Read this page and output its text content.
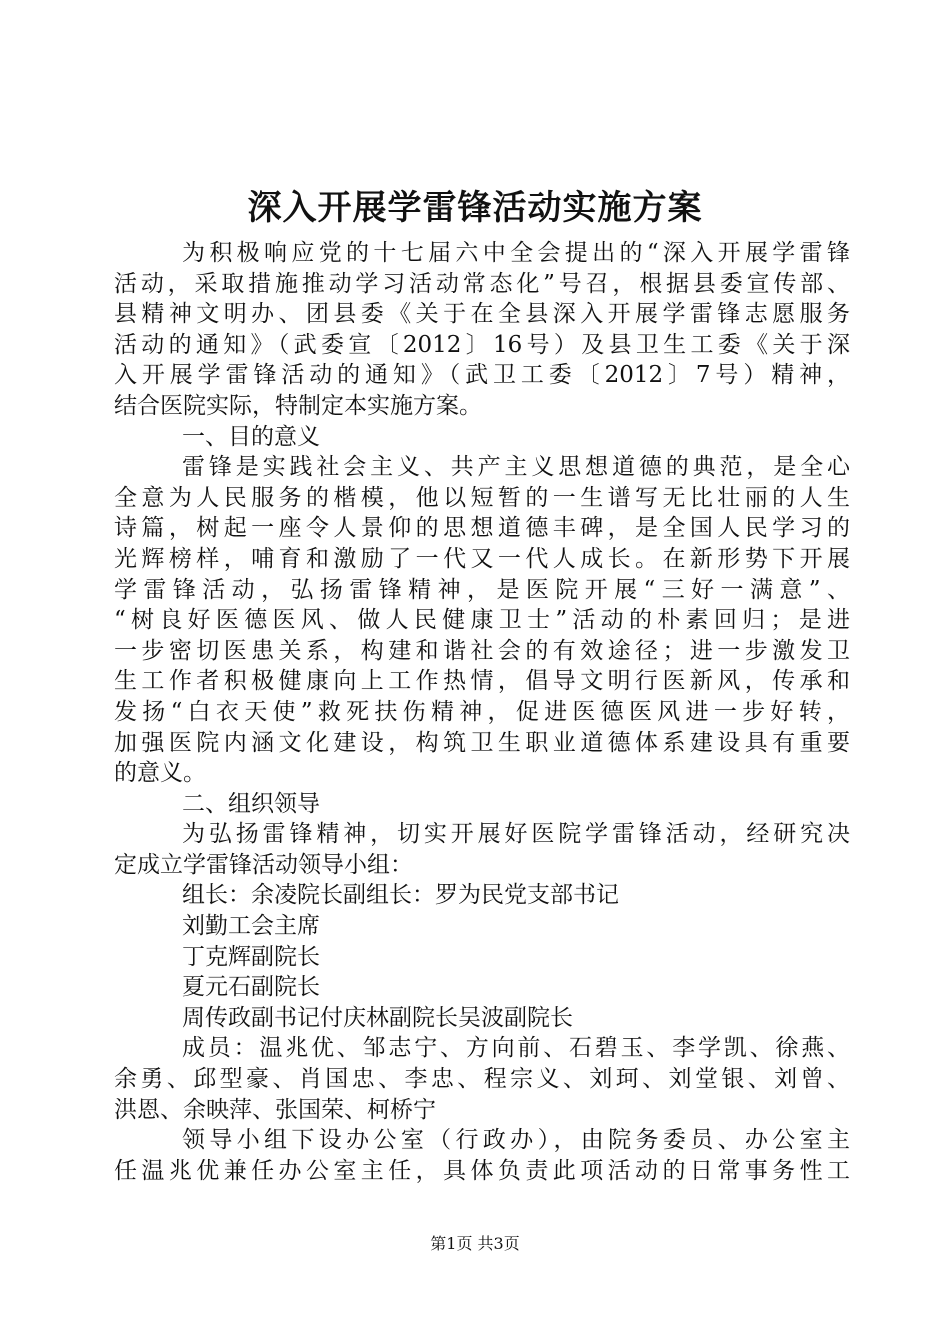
深入开展学雷锋活动实施方案
为积极响应党的十七届六中全会提出的“深入开展学雷锋
活动，采取措施推动学习活动常态化”号召，根据县委宣传部、
县精神文明办、团县委《关于在全县深入开展学雷锋志愿服务
活动的通知》（武委宣〔2012〕16号）及县卫生工委《关于深
入开展学雷锋活动的通知》（武卫工委〔2012〕7号）精神，
结合医院实际，特制定本实施方案。
一、目的意义
雷锋是实践社会主义、共产主义思想道德的典范，是全心
全意为人民服务的楷模，他以短暂的一生谱写无比壮丽的人生
诗篇，树起一座令人景仰的思想道德丰碑，是全国人民学习的
光辉榜样，哺育和激励了一代又一代人成长。在新形势下开展
学雷锋活动，弘扬雷锋精神，是医院开展“三好一满意”、
“树良好医德医风、做人民健康卫士”活动的朴素回归；是进
一步密切医患关系，构建和谐社会的有效途径；进一步激发卫
生工作者积极健康向上工作热情，倡导文明行医新风，传承和
发扬“白衣天使”救死扶伤精神，促进医德医风进一步好转，
加强医院内涵文化建设，构筑卫生职业道德体系建设具有重要
的意义。
二、组织领导
为弘扬雷锋精神，切实开展好医院学雷锋活动，经研究决
定成立学雷锋活动领导小组：
组长：余凌院长副组长：罗为民党支部书记
刘勤工会主席
丁克辉副院长
夏元石副院长
周传政副书记付庆林副院长吴波副院长
成员：温兆优、邹志宁、方向前、石碧玉、李学凯、徐燕、
余勇、邱型豪、肖国忠、李忠、程宗义、刘珂、刘堂银、刘曾、
洪恩、余映萍、张国荣、柯桥宁
领导小组下设办公室（行政办），由院务委员、办公室主
任温兆优兼任办公室主任，具体负责此项活动的日常事务性工
第1页 共3页
